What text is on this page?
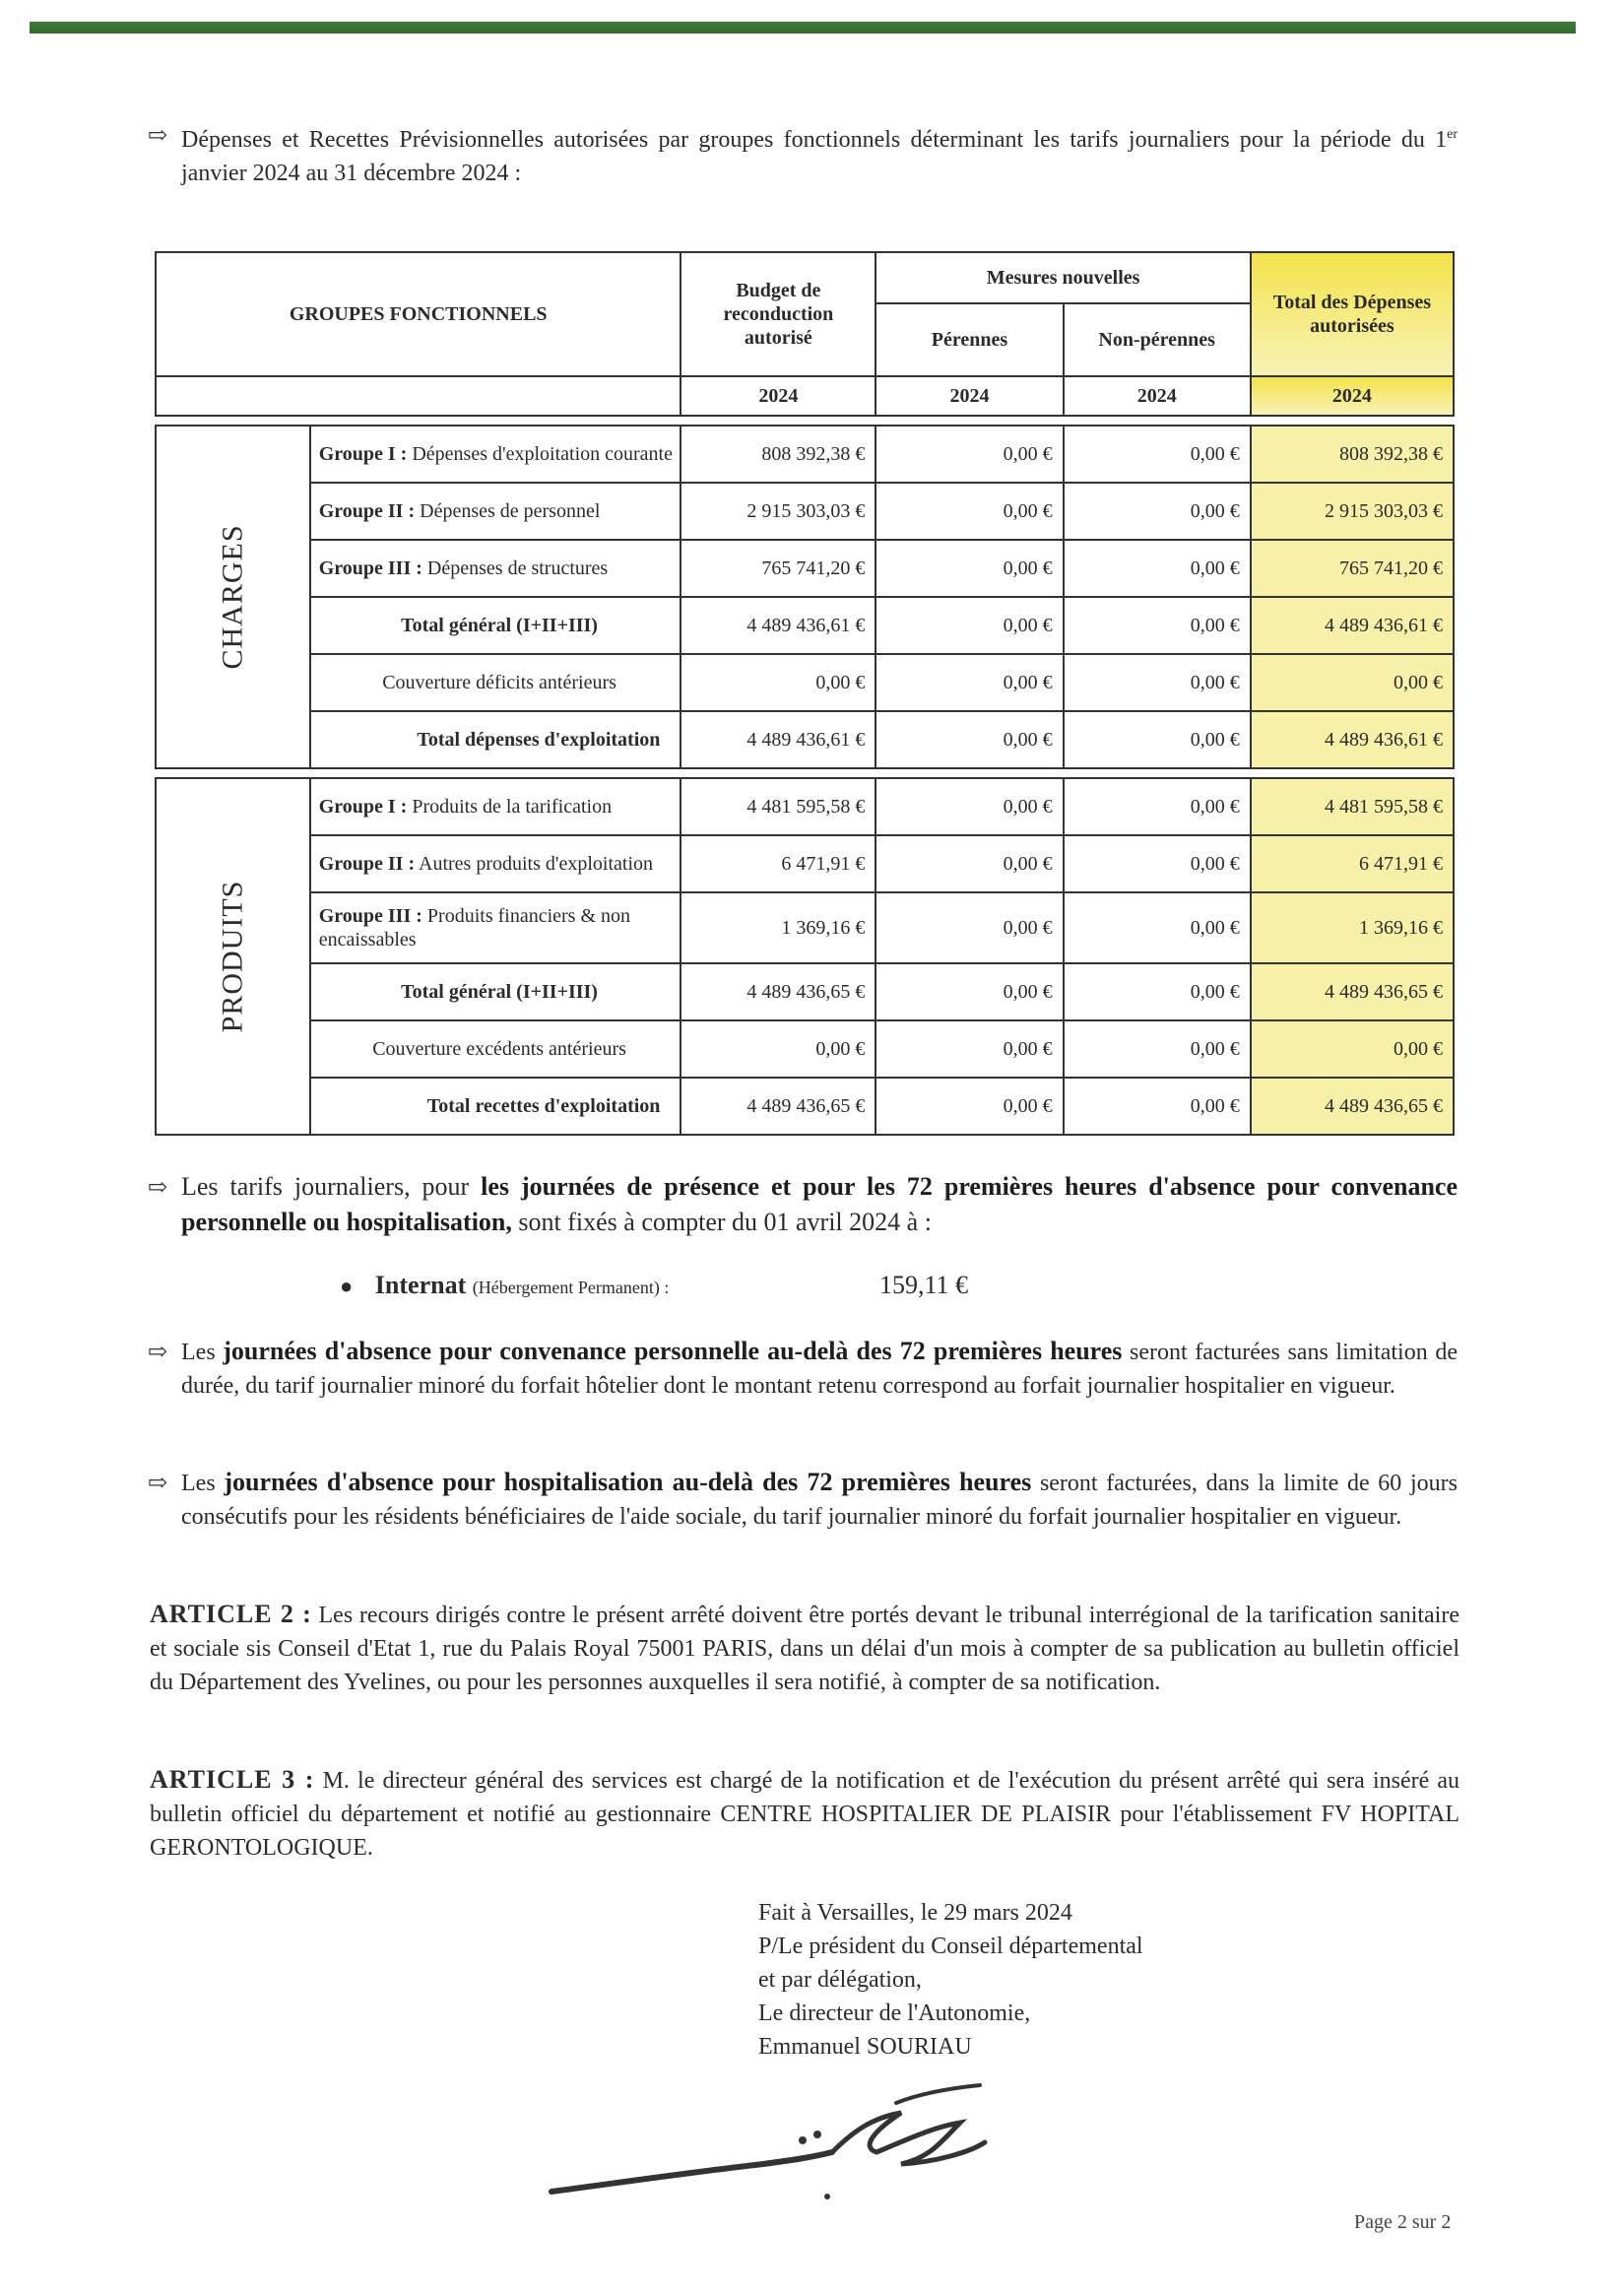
⇨ Dépenses et Recettes Prévisionnelles autorisées par groupes fonctionnels déterminant les tarifs journaliers pour la période du 1er janvier 2024 au 31 décembre 2024 :
GROUPES FONCTIONNELS		Budget de reconduction autorisé	Mesures nouvelles		Total des Dépenses autorisées
			Pérennes	Non-pérennes	
		2024	2024	2024	2024

CHARGES	Groupe I : Dépenses d'exploitation courante	808 392,38 €	0,00 €	0,00 €	808 392,38 €
	Groupe II : Dépenses de personnel	2 915 303,03 €	0,00 €	0,00 €	2 915 303,03 €
	Groupe III : Dépenses de structures	765 741,20 €	0,00 €	0,00 €	765 741,20 €
	Total général (I+II+III)	4 489 436,61 €	0,00 €	0,00 €	4 489 436,61 €
	Couverture déficits antérieurs	0,00 €	0,00 €	0,00 €	0,00 €
	Total dépenses d'exploitation	4 489 436,61 €	0,00 €	0,00 €	4 489 436,61 €

PRODUITS	Groupe I : Produits de la tarification	4 481 595,58 €	0,00 €	0,00 €	4 481 595,58 €
	Groupe II : Autres produits d'exploitation	6 471,91 €	0,00 €	0,00 €	6 471,91 €
	Groupe III : Produits financiers & non encaissables	1 369,16 €	0,00 €	0,00 €	1 369,16 €
	Total général (I+II+III)	4 489 436,65 €	0,00 €	0,00 €	4 489 436,65 €
	Couverture excédents antérieurs	0,00 €	0,00 €	0,00 €	0,00 €
	Total recettes d'exploitation	4 489 436,65 €	0,00 €	0,00 €	4 489 436,65 €
⇨ Les tarifs journaliers, pour les journées de présence et pour les 72 premières heures d'absence pour convenance personnelle ou hospitalisation, sont fixés à compter du 01 avril 2024 à :
● Internat (Hébergement Permanent) :	159,11 €
⇨ Les journées d'absence pour convenance personnelle au-delà des 72 premières heures seront facturées sans limitation de durée, du tarif journalier minoré du forfait hôtelier dont le montant retenu correspond au forfait journalier hospitalier en vigueur.
⇨ Les journées d'absence pour hospitalisation au-delà des 72 premières heures seront facturées, dans la limite de 60 jours consécutifs pour les résidents bénéficiaires de l'aide sociale, du tarif journalier minoré du forfait journalier hospitalier en vigueur.
ARTICLE 2 : Les recours dirigés contre le présent arrêté doivent être portés devant le tribunal interrégional de la tarification sanitaire et sociale sis Conseil d'Etat 1, rue du Palais Royal 75001 PARIS, dans un délai d'un mois à compter de sa publication au bulletin officiel du Département des Yvelines, ou pour les personnes auxquelles il sera notifié, à compter de sa notification.
ARTICLE 3 : M. le directeur général des services est chargé de la notification et de l'exécution du présent arrêté qui sera inséré au bulletin officiel du département et notifié au gestionnaire CENTRE HOSPITALIER DE PLAISIR pour l'établissement FV HOPITAL GERONTOLOGIQUE.
Fait à Versailles, le 29 mars 2024
P/Le président du Conseil départemental
et par délégation,
Le directeur de l'Autonomie,
Emmanuel SOURIAU
Page 2 sur 2
